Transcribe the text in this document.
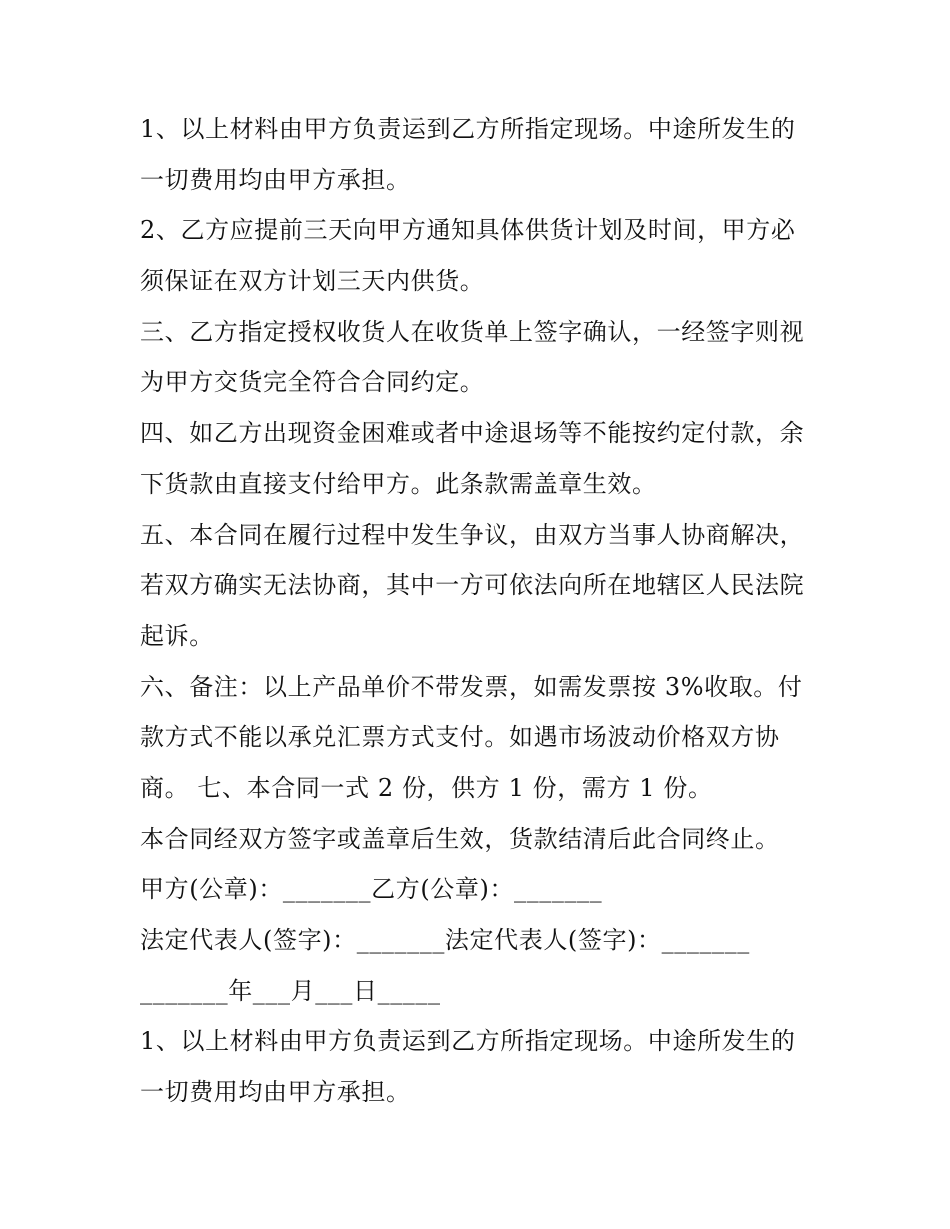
1、以上材料由甲方负责运到乙方所指定现场。中途所发生的
一切费用均由甲方承担。
2、乙方应提前三天向甲方通知具体供货计划及时间，甲方必
须保证在双方计划三天内供货。
三、乙方指定授权收货人在收货单上签字确认，一经签字则视
为甲方交货完全符合合同约定。
四、如乙方出现资金困难或者中途退场等不能按约定付款，余
下货款由直接支付给甲方。此条款需盖章生效。
五、本合同在履行过程中发生争议，由双方当事人协商解决，
若双方确实无法协商，其中一方可依法向所在地辖区人民法院
起诉。
六、备注：以上产品单价不带发票，如需发票按 3%收取。付
款方式不能以承兑汇票方式支付。如遇市场波动价格双方协
商。 七、本合同一式 2 份，供方 1 份，需方 1 份。
本合同经双方签字或盖章后生效，货款结清后此合同终止。
甲方(公章)：_______乙方(公章)：_______
法定代表人(签字)：_______法定代表人(签字)：_______
_______年___月___日_____
1、以上材料由甲方负责运到乙方所指定现场。中途所发生的
一切费用均由甲方承担。
